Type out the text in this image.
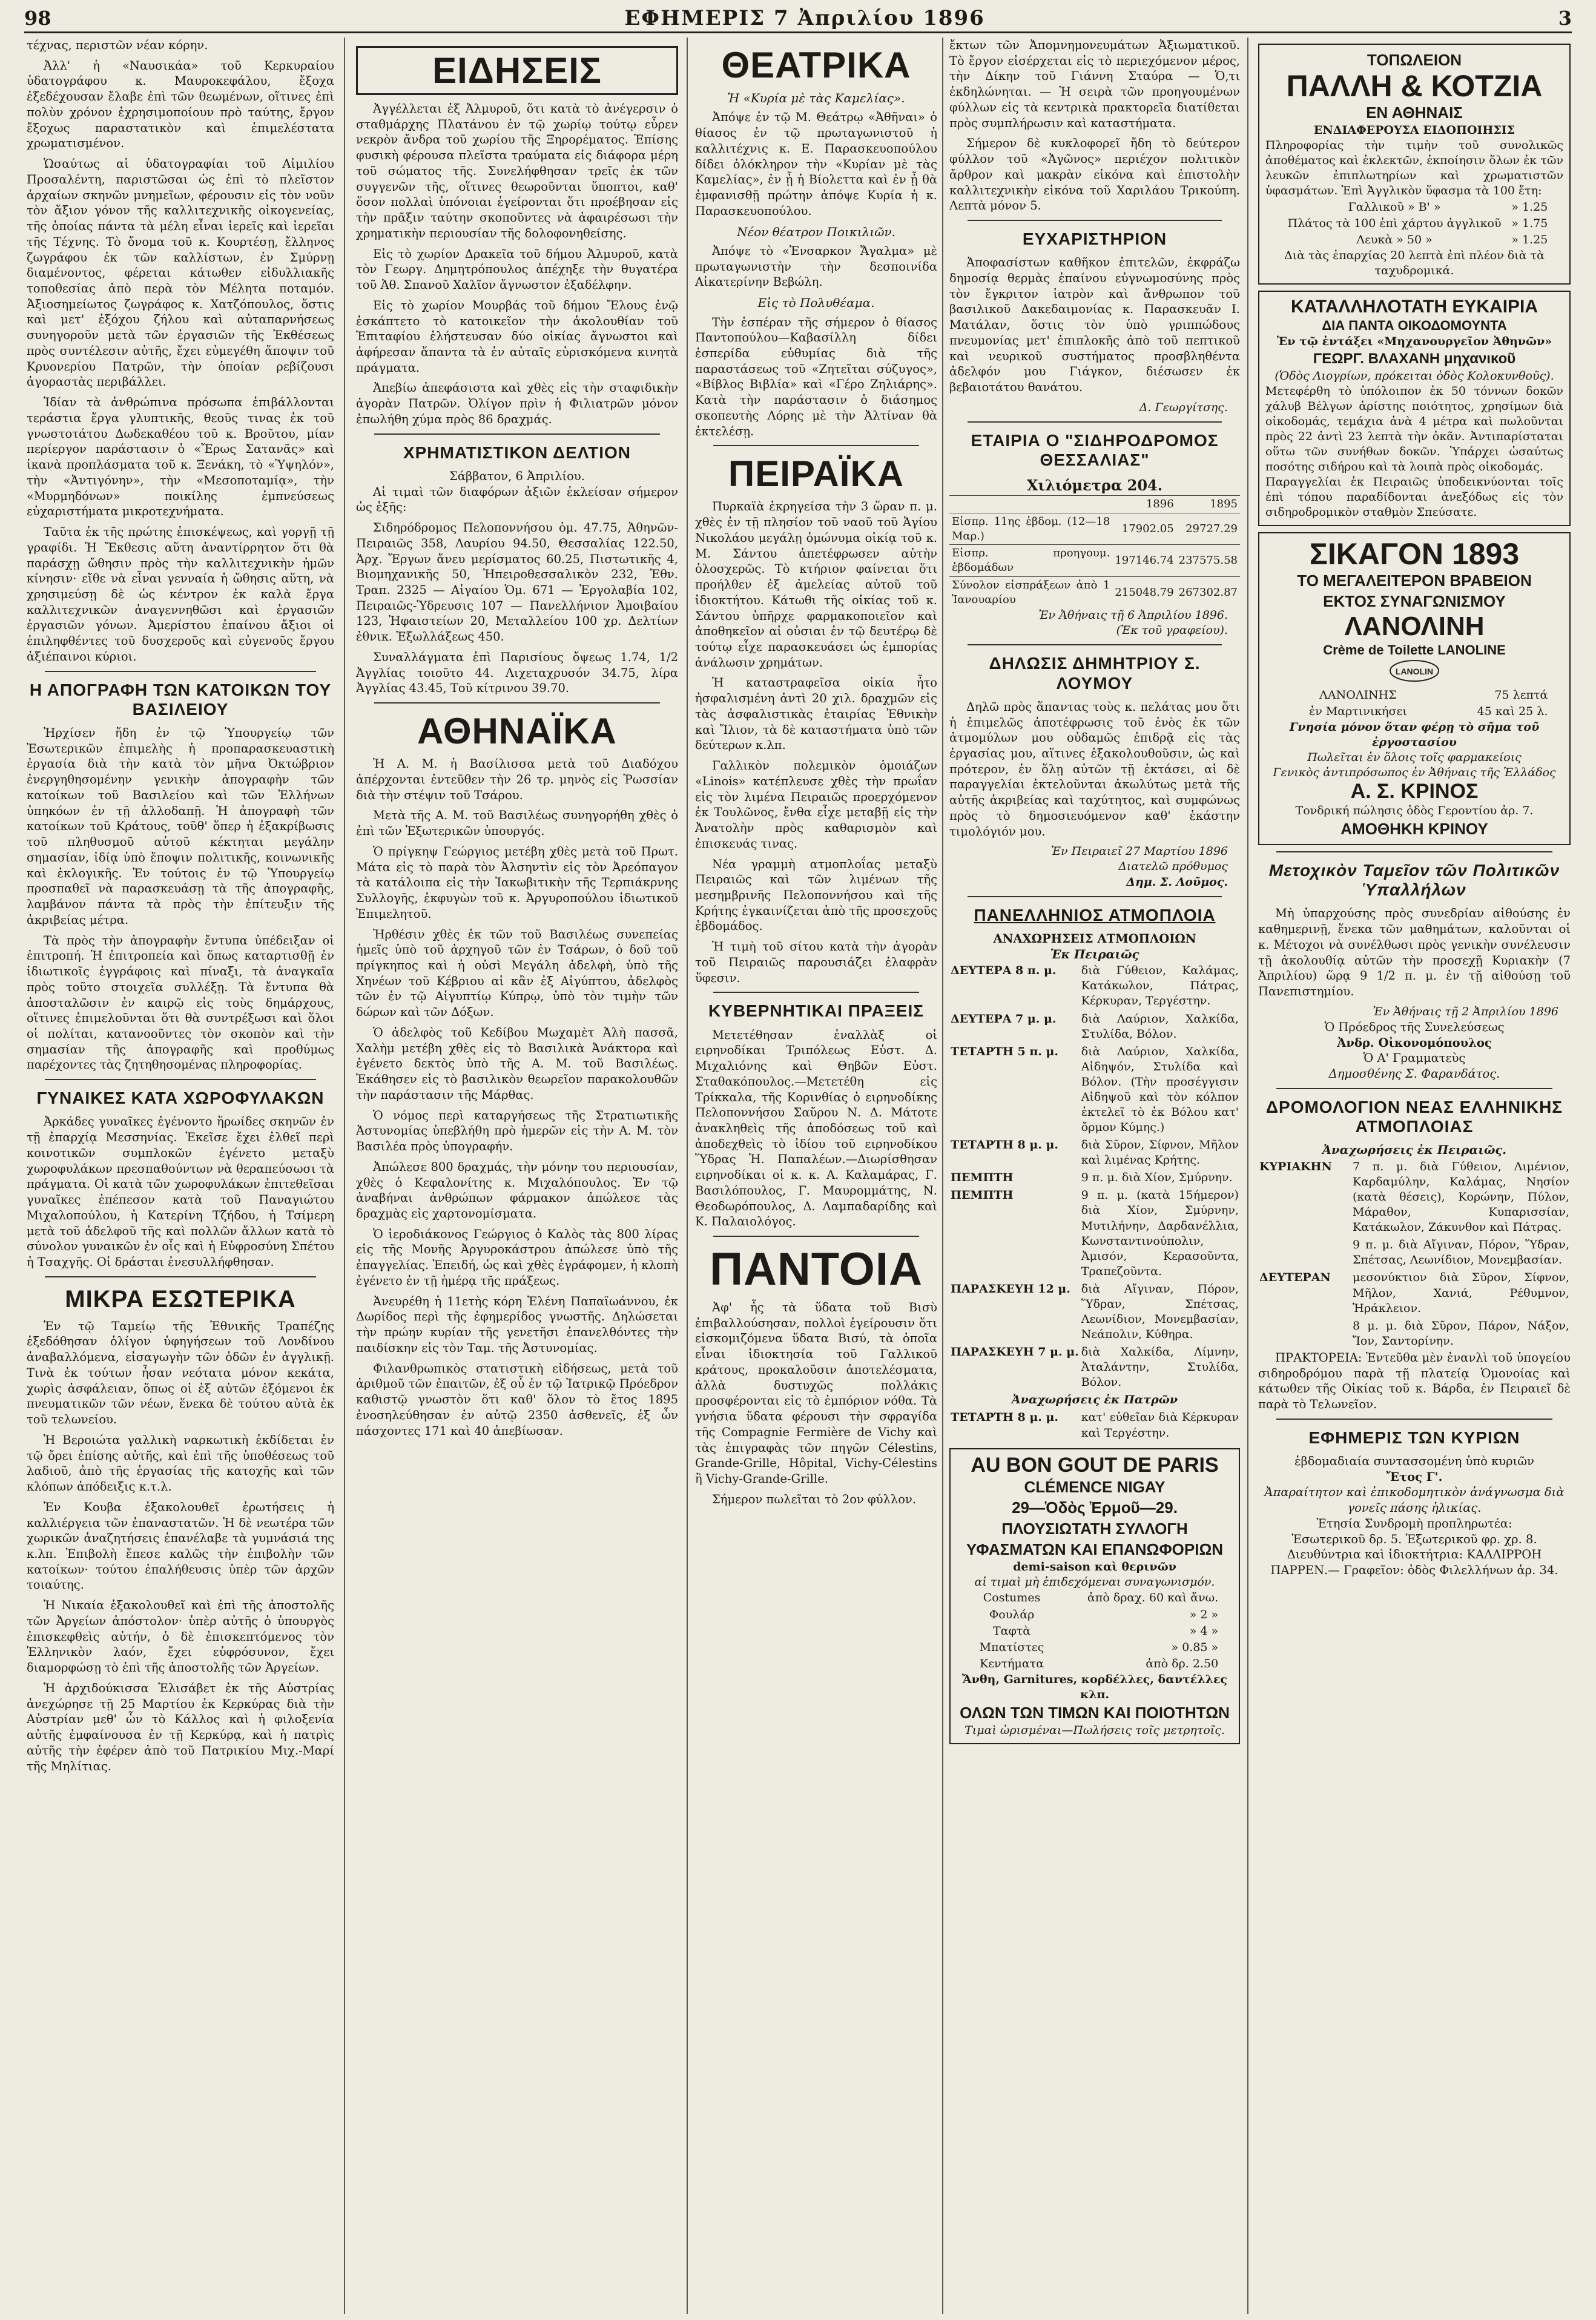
98	ΕΦΗΜΕΡΙΣ 7 Ἀπριλίου 1896	3

τέχνας, περιστῶν νέαν κόρην.

Ἀλλ' ἡ «Ναυσικάα» τοῦ Κερκυραίου ὑδατογράφου κ. Μαυροκεφάλου, ἔξοχα ἐξεδέχουσαν ἔλαβε ἐπὶ τῶν θεωμένων, οἵτινες ἐπὶ πολὺν χρόνον ἐχρησιμοποίουν πρὸ ταύτης, ἔργον ἔξοχως παραστατικὸν καὶ ἐπιμελέστατα χρωματισμένον.

Ὡσαύτως αἱ ὑδατογραφίαι τοῦ Αἰμιλίου Προσαλέντη, παριστῶσαι ὡς ἐπὶ τὸ πλεῖστον ἀρχαίων σκηνῶν μνημεῖων, φέρουσιν εἰς τὸν νοῦν τὸν ἄξιον γόνον τῆς καλλιτεχνικῆς οἰκογενείας, τῆς ὁποίας πάντα τὰ μέλη εἶναι ἱερεῖς καὶ ἱερεῖαι τῆς Τέχνης. Τὸ ὄνομα τοῦ κ. Κουρτέσῃ, ἔλληνος ζωγράφου ἐκ τῶν καλλίστων, ἐν Σμύρνῃ διαμένοντος, φέρεται κάτωθεν εἰδυλλιακῆς τοποθεσίας ἀπὸ περὰ τὸν Μέλητα ποταμόν. Ἀξιοσημείωτος ζωγράφος κ. Χατζόπουλος, ὅστις καὶ μετ' ἐξόχου ζήλου καὶ αὐταπαρνήσεως συνηγοροῦν μετὰ τῶν ἐργασιῶν τῆς Ἐκθέσεως πρὸς συντέλεσιν αὐτῆς, ἔχει εὐμεγέθη ἄποψιν τοῦ Κρυονερίου Πατρῶν, τὴν ὁποίαν ρεβίζουσι ἀγοραστὰς περιβάλλει.

Ἰδίαν τὰ ἀνθρώπινα πρόσωπα ἐπιβάλλονται τεράστια ἔργα γλυπτικῆς, θεοῦς τινας ἐκ τοῦ γνωστοτάτου Δωδεκαθέου τοῦ κ. Βροῦτου, μίαν περίεργον παράστασιν ὁ «Ἔρως Σατανᾶς» καὶ ἱκανὰ προπλάσματα τοῦ κ. Ξενάκη, τὸ «Ὑψηλόν», τὴν «Ἀντιγόνην», τὴν «Μεσοποταμίᾳ», τὴν «Μυρμηδόνων» ποικίλης ἐμπνεύσεως εὐχαριστήματα μικροτεχνήματα.

Ταῦτα ἐκ τῆς πρώτης ἐπισκέψεως, καὶ γοργῇ τῇ γραφίδι. Ἡ Ἔκθεσις αὕτη ἀναντίρρητον ὅτι θὰ παράσχῃ ὤθησιν πρὸς τὴν καλλιτεχνικὴν ἡμῶν κίνησιν· εἴθε νὰ εἶναι γενναία ἡ ὤθησις αὕτη, νὰ χρησιμεύσῃ δὲ ὡς κέντρον ἐκ καλὰ ἔργα καλλιτεχνικῶν ἀναγεννηθῶσι καὶ ἐργασιῶν ἐργασιῶν γόνων. Ἀμερίστου ἐπαίνου ἄξιοι οἱ ἐπιληφθέντες τοῦ δυσχεροῦς καὶ εὐγενοῦς ἔργου ἀξιέπαινοι κύριοι.

Η ΑΠΟΓΡΑΦΗ ΤΩΝ ΚΑΤΟΙΚΩΝ ΤΟΥ ΒΑΣΙΛΕΙΟΥ

Ἠρχίσεν ἤδη ἐν τῷ Ὑπουργείῳ τῶν Ἐσωτερικῶν ἐπιμελὴς ἡ προπαρασκευαστικὴ ἐργασία διὰ τὴν κατὰ τὸν μῆνα Ὀκτώβριον ἐνεργηθησομένην γενικὴν ἀπογραφὴν τῶν κατοίκων τοῦ Βασιλείου καὶ τῶν Ἑλλήνων ὑπηκόων ἐν τῇ ἀλλοδαπῇ. Ἡ ἀπογραφὴ τῶν κατοίκων τοῦ Κράτους, τοῦθ' ὅπερ ἡ ἐξακρίβωσις τοῦ πληθυσμοῦ αὐτοῦ κέκτηται μεγάλην σημασίαν, ἰδίᾳ ὑπὸ ἔποψιν πολιτικῆς, κοινωνικῆς καὶ ἐκλογικῆς. Ἐν τούτοις ἐν τῷ Ὑπουργείῳ προσπαθεῖ νὰ παρασκευάσῃ τὰ τῆς ἀπογραφῆς, λαμβάνον πάντα τὰ πρὸς τὴν ἐπίτευξιν τῆς ἀκριβείας μέτρα.

Τὰ πρὸς τὴν ἀπογραφὴν ἔντυπα ὑπέδειξαν οἱ ἐπιτροπή. Ἡ ἐπιτροπεία καὶ ὅπως καταρτισθῇ ἐν ἰδιωτικοῖς ἐγγράφοις καὶ πίναξι, τὰ ἀναγκαῖα πρὸς τοῦτο στοιχεῖα συλλέξῃ. Τὰ ἔντυπα θὰ ἀποσταλῶσιν ἐν καιρῷ εἰς τοὺς δημάρχους, οἵτινες ἐπιμελοῦνται ὅτι θὰ συντρέξωσι καὶ ὅλοι οἱ πολίται, κατανοοῦντες τὸν σκοπὸν καὶ τὴν σημασίαν τῆς ἀπογραφῆς καὶ προθύμως παρέχοντες τὰς ζητηθησομένας πληροφορίας.

ΓΥΝΑΙΚΕΣ ΚΑΤΑ ΧΩΡΟΦΥΛΑΚΩΝ

Ἀρκάδες γυναῖκες ἐγένοντο ἥρωίδες σκηνῶν ἐν τῇ ἐπαρχίᾳ Μεσσηνίας. Ἐκεῖσε ἔχει ἐλθεῖ περὶ κοινοτικῶν συμπλοκῶν ἐγένετο μεταξὺ χωροφυλάκων πρεσπαθούντων νὰ θεραπεύσωσι τὰ πράγματα. Οἱ κατὰ τῶν χωροφυλάκων ἐπιτεθεῖσαι γυναῖκες ἐπέπεσον κατὰ τοῦ Παναγιώτου Μιχαλοπούλου, ἡ Κατερίνη Τζήδου, ἡ Τσίμερη μετὰ τοῦ ἀδελφοῦ τῆς καὶ πολλῶν ἄλλων κατὰ τὸ σύνολον γυναικῶν ἐν οἷς καὶ ἡ Εὐφροσύνη Σπέτου ἡ Τσαχγῆς. Οἱ δράσται ἐνεσυλλήφθησαν.

ΜΙΚΡΑ ΕΣΩΤΕΡΙΚΑ

Ἐν τῷ Ταμείῳ τῆς Ἐθνικῆς Τραπέζης ἐξεδόθησαν ὀλίγον ὑφηγήσεων τοῦ Λονδίνου ἀναβαλλόμενα, εἰσαγωγὴν τῶν ὀδῶν ἐν ἀγγλικῇ. Τινὰ ἐκ τούτων ἦσαν νεότατα μόνον κεκάτα, χωρὶς ἀσφάλειαν, ὅπως οἱ ἐξ αὐτῶν ἐξόμενοι ἐκ πνευματικῶν τῶν νέων, ἕνεκα δὲ τούτου αὐτὰ ἐκ τοῦ τελωνείου.

Ἡ Βεροιώτα γαλλικὴ ναρκωτικὴ ἐκδίδεται ἐν τῷ ὄρει ἐπίσης αὐτῆς, καὶ ἐπὶ τῆς ὑποθέσεως τοῦ λαδιοῦ, ἀπὸ τῆς ἐργασίας τῆς κατοχῆς καὶ τῶν κλόπων ἀπόδειξις κ.τ.λ.

Ἐν Κουβα ἐξακολουθεῖ ἐρωτήσεις ἡ καλλιέργεια τῶν ἐπαναστατῶν. Ἡ δὲ νεωτέρα τῶν χωρικῶν ἀναζητήσεις ἐπανέλαβε τὰ γυμνάσιά της κ.λπ. Ἐπιβολὴ ἔπεσε καλῶς τὴν ἐπιβολὴν τῶν κατοίκων· τούτου ἐπαλήθευσις ὑπὲρ τῶν ἀρχῶν τοιαύτης.

Ἡ Νικαία ἐξακολουθεῖ καὶ ἐπὶ τῆς ἀποστολῆς τῶν Ἀργείων ἀπόστολον· ὑπὲρ αὐτῆς ὁ ὑπουργὸς ἐπισκεφθεὶς αὐτήν, ὁ δὲ ἐπισκεπτόμενος τὸν Ἐλληνικὸν λαόν, ἔχει εὐφρόσυνον, ἔχει διαμορφώσῃ τὸ ἐπὶ τῆς ἀποστολῆς τῶν Ἀργείων.

Ἡ ἀρχιδούκισσα Ἐλισάβετ ἐκ τῆς Αὐστρίας ἀνεχώρησε τῇ 25 Μαρτίου ἐκ Κερκύρας διὰ τὴν Αὐστρίαν μεθ' ὧν τὸ Κάλλος καὶ ἡ φιλοξενία αὐτῆς ἐμφαίνουσα ἐν τῇ Κερκύρᾳ, καὶ ἡ πατρὶς αὐτῆς τὴν ἐφέρεν ἀπὸ τοῦ Πατρικίου Μιχ.-Μαρί τῆς Μηλίτιας.

ΕΙΔΗΣΕΙΣ

Ἀγγέλλεται ἐξ Ἀλμυροῦ, ὅτι κατὰ τὸ ἀνέγερσιν ὁ σταθμάρχης Πλατάνου ἐν τῷ χωρίῳ τούτῳ εὗρεν νεκρὸν ἄνδρα τοῦ χωρίου τῆς Ξηρορέματος. Ἐπίσης φυσικὴ φέρουσα πλεῖστα τραύματα εἰς διάφορα μέρη τοῦ σώματος τῆς. Συνελήφθησαν τρεῖς ἐκ τῶν συγγενῶν τῆς, οἵτινες θεωροῦνται ὕποπτοι, καθ' ὅσον πολλαὶ ὑπόνοιαι ἐγείρονται ὅτι προέβησαν εἰς τὴν πρᾶξιν ταύτην σκοποῦντες νὰ ἀφαιρέσωσι τὴν χρηματικὴν περιουσίαν τῆς δολοφονηθείσης.

Εἰς τὸ χωρίον Δρακεῖα τοῦ δήμου Ἀλμυροῦ, κατὰ τὸν Γεωργ. Δημητρόπουλος ἀπέχηξε τὴν θυγατέρα τοῦ Ἀθ. Σπανοῦ Χαλῖον ἄγνωστον ἐξαδέλφην.

Εἰς τὸ χωρίον Μουρβάς τοῦ δήμου Ἔλους ἐνῷ ἐσκάπτετο τὸ κατοικεῖον τὴν ἀκολουθίαν τοῦ Ἐπιταφίου ἐλήστευσαν δύο οἰκίας ἄγνωστοι καὶ ἀφήρεσαν ἅπαντα τὰ ἐν αὐταῖς εὑρισκόμενα κινητὰ πράγματα.

Ἀπεβίω ἀπεφάσιστα καὶ χθὲς εἰς τὴν σταφιδικὴν ἀγορὰν Πατρῶν. Ὀλίγον πρὶν ἡ Φιλιατρῶν μόνον ἐπωλήθη χύμα πρὸς 86 δραχμάς.

ΧΡΗΜΑΤΙΣΤΙΚΟΝ ΔΕΛΤΙΟΝ
Σάββατον, 6 Ἀπριλίου.

Αἱ τιμαὶ τῶν διαφόρων ἀξιῶν ἐκλείσαν σήμερον ὡς ἑξῆς:

Σιδηρόδρομος Πελοποννήσου ὁμ. 47.75, Ἀθηνῶν-Πειραιῶς 358, Λαυρίου 94.50, Θεσσαλίας 122.50, Ἀρχ. Ἔργων ἄνευ μερίσματος 60.25, Πιστωτικῆς 4, Βιομηχανικῆς 50, Ἠπειροθεσσαλικὸν 232, Ἐθν. Τραπ. 2325 — Αἰγαίου Ὁμ. 671 — Ἐργολαβία 102, Πειραιῶς-Ὑδρευσις 107 — Πανελλήνιον Ἀμοιβαίου 123, Ἠφαιστείων 20, Μεταλλείου 100 χρ. Δελτίων ἐθνικ. Ἐξωλλάξεως 450.

Συναλλάγματα ἐπὶ Παρισίους ὄψεως 1.74, 1/2 Ἀγγλίας τοιοῦτο 44. Λιχεταχρυσόν 34.75, λίρα Ἀγγλίας 43.45, Τοῦ κίτρινου 39.70.

ΑΘΗΝΑΪΚΑ

Ἡ Α. Μ. ἡ Βασίλισσα μετὰ τοῦ Διαδόχου ἀπέρχονται ἐντεῦθεν τὴν 26 τρ. μηνὸς εἰς Ῥωσσίαν διὰ τὴν στέψιν τοῦ Τσάρου.

Μετὰ τῆς Α. Μ. τοῦ Βασιλέως συνηγορήθη χθὲς ὁ ἐπὶ τῶν Ἐξωτερικῶν ὑπουργός.

Ὁ πρίγκηψ Γεώργιος μετέβη χθὲς μετὰ τοῦ Πρωτ. Μάτα εἰς τὸ παρὰ τὸν Ἀλσηντὶν εἰς τὸν Ἀρεόπαγον τὰ κατάλοιπα εἰς τὴν Ἰακωβιτικὴν τῆς Τερπιάκρνης Συλλογῆς, ἐκφυγὼν τοῦ κ. Ἀργυροπούλου ἰδιωτικοῦ Ἐπιμελητοῦ.

Ἠρθέσιν χθὲς ἐκ τῶν τοῦ Βασιλέως συνεπείας ἡμεῖς ὑπὸ τοῦ ἀρχηγοῦ τῶν ἐν Τσάρων, ὁ δοῦ τοῦ πρίγκηπος καὶ ἡ οὐσὶ Μεγάλη ἀδελφὴ, ὑπὸ τῆς Χηνέων τοῦ Κέβριου αἱ κἂν ἐξ Αἰγύπτου, ἀδελφὸς τῶν ἐν τῷ Αἰγυπτίῳ Κύπρῳ, ὑπὸ τὸν τιμὴν τῶν δώρων καὶ τῶν Δόξων.

Ὁ ἀδελφὸς τοῦ Κεδίβου Μωχαμὲτ Ἀλὴ πασσᾶ, Χαλὴμ μετέβη χθὲς εἰς τὸ Βασιλικὰ Ἀνάκτορα καὶ ἐγένετο δεκτὸς ὑπὸ τῆς Α. Μ. τοῦ Βασιλέως. Ἐκάθησεν εἰς τὸ βασιλικὸν θεωρεῖον παρακολουθῶν τὴν παράστασιν τῆς Μάρθας.

Ὁ νόμος περὶ καταργήσεως τῆς Στρατιωτικῆς Ἀστυνομίας ὑπεβλήθη πρὸ ἡμερῶν εἰς τὴν Α. Μ. τὸν Βασιλέα πρὸς ὑπογραφήν.

Ἀπώλεσε 800 δραχμάς, τὴν μόνην του περιουσίαν, χθὲς ὁ Κεφαλονίτης κ. Μιχαλόπουλος. Ἐν τῷ ἀναβήναι ἀνθρώπων φάρμακον ἀπώλεσε τὰς δραχμὰς εἰς χαρτονομίσματα.

Ὁ ἱεροδιάκονος Γεώργιος ὁ Καλὸς τὰς 800 λίρας εἰς τῆς Μονῆς Ἀργυροκάστρου ἀπώλεσε ὑπὸ τῆς ἐπαγγελίας. Ἐπειδή, ὡς καὶ χθὲς ἐγράφομεν, ἡ κλοπὴ ἐγένετο ἐν τῇ ἡμέρᾳ τῆς πράξεως.

Ἀνευρέθη ἡ 11ετὴς κόρη Ἑλένη Παπαϊωάννου, ἐκ Δωρίδος περὶ τῆς ἐφημερίδος γνωστῆς. Δηλώσεται τὴν πρώην κυρίαν τῆς γενετῆσι ἐπανελθόντες τὴν παιδίσκην εἰς τὸν Ταμ. τῆς Ἀστυνομίας.

Φιλανθρωπικὸς στατιστικὴ εἰδήσεως, μετὰ τοῦ ἀριθμοῦ τῶν ἐπαιτῶν, ἐξ οὗ ἐν τῷ Ἰατρικῷ Πρόεδρον καθιστῷ γνωστὸν ὅτι καθ' ὅλον τὸ ἔτος 1895 ἐνοσηλεύθησαν ἐν αὐτῷ 2350 ἀσθενεῖς, ἐξ ὧν πάσχοντες 171 καὶ 40 ἀπεβίωσαν.

ΘΕΑΤΡΙΚΑ
Ἡ «Κυρία μὲ τὰς Καμελίας».

Ἀπόψε ἐν τῷ Μ. Θεάτρῳ «Ἀθῆναι» ὁ θίασος ἐν τῷ πρωταγωνιστοῦ ἡ καλλιτέχνις κ. Ε. Παρασκευοπούλου δίδει ὀλόκληρον τὴν «Κυρίαν μὲ τὰς Καμελίας», ἐν ᾗ ἡ Βίολεττα καὶ ἐν ᾗ θὰ ἐμφανισθῇ πρώτην ἀπόψε Κυρία ἡ κ. Παρασκευοπούλου.

Νέον θέατρον Ποικιλιῶν.

Ἀπόψε τὸ «Ἐνσαρκον Ἄγαλμα» μὲ πρωταγωνιστὴν τὴν δεσποινίδα Αἰκατερίνην Βεβώλη.

Εἰς τὸ Πολυθέαμα.

Τὴν ἑσπέραν τῆς σήμερον ὁ θίασος Παντοπούλου—Καβασίλλη δίδει ἑσπερίδα εὐθυμίας διὰ τῆς παραστάσεως τοῦ «Ζητεῖται σύζυγος», «Βίβλος Βιβλία» καὶ «Γέρο Ζηλιάρης». Κατὰ τὴν παράστασιν ὁ διάσημος σκοπευτὴς Λόρης μὲ τὴν Ἀλτίναν θὰ ἐκτελέσῃ.

ΠΕΙΡΑΪΚΑ

Πυρκαϊὰ ἐκρηγείσα τὴν 3 ὥραν π. μ. χθὲς ἐν τῇ πλησίον τοῦ ναοῦ τοῦ Ἁγίου Νικολάου μεγάλῃ ὁμώνυμα οἰκίᾳ τοῦ κ. Μ. Σάντου ἀπετέφρωσεν αὐτὴν ὁλοσχερῶς. Τὸ κτήριον φαίνεται ὅτι προήλθεν ἐξ ἀμελείας αὐτοῦ τοῦ ἰδιοκτήτου. Κάτωθι τῆς οἰκίας τοῦ κ. Σάντου ὑπῆρχε φαρμακοποιεῖον καὶ ἀποθηκεῖον αἱ οὐσιαι ἐν τῷ δευτέρῳ δὲ τούτῳ εἶχε παρασκευάσει ὡς ἐμπορίας ἀνάλωσιν χρημάτων.

Ἡ καταστραφεῖσα οἰκία ἦτο ἠσφαλισμένη ἀντὶ 20 χιλ. δραχμῶν εἰς τὰς ἀσφαλιστικὰς ἑταιρίας Ἐθνικὴν καὶ Ἴλιον, τὰ δὲ καταστήματα ὑπὸ τῶν δεύτερων κ.λπ.

Γαλλικὸν πολεμικὸν ὁμοιάζων «Linois» κατέπλευσε χθὲς τὴν πρωΐαν εἰς τὸν λιμένα Πειραιῶς προερχόμενον ἐκ Τουλῶνος, ἔνθα εἶχε μεταβῇ εἰς τὴν Ἀνατολὴν πρὸς καθαρισμὸν καὶ ἐπισκευάς τινας.

Νέα γραμμὴ ατμοπλοΐας μεταξὺ Πειραιῶς καὶ τῶν λιμένων τῆς μεσημβρινῆς Πελοποννήσου καὶ τῆς Κρήτης ἐγκαινίζεται ἀπὸ τῆς προσεχοῦς ἑβδομάδος.

Ἡ τιμὴ τοῦ σίτου κατὰ τὴν ἀγορὰν τοῦ Πειραιῶς παρουσιάζει ἐλαφρὰν ὕφεσιν.

ΚΥΒΕΡΝΗΤΙΚΑΙ ΠΡΑΞΕΙΣ

Μετετέθησαν ἐναλλὰξ οἱ ειρηνοδίκαι Τριπόλεως Εὐστ. Δ. Μιχαλιόνης καὶ Θηβῶν Εὐστ. Σταθακόπουλος.—Μετετέθη εἰς Τρίκκαλα, τῆς Κορινθίας ὁ ειρηνοδίκης Πελοποννήσου Σαὔρου Ν. Δ. Μάτοτε ἀνακληθεὶς τῆς ἀποδόσεως τοῦ καὶ ἀποδεχθεὶς τὸ ἰδίου τοῦ ειρηνοδίκου Ὕδρας Ἡ. Παπαλέων.—Διωρίσθησαν ειρηνοδίκαι οἱ κ. κ. Α. Καλαμάρας, Γ. Βασιλόπουλος, Γ. Μαυρομμάτης, Ν. Θεοδωρόπουλος, Δ. Λαμπαδαρίδης καὶ Κ. Παλαιολόγος.

ΠΑΝΤΟΙΑ

Ἀφ' ἧς τὰ ὕδατα τοῦ Βισὺ ἐπιβαλλούσησαν, πολλοὶ ἐγείρουσιν ὅτι εἰσκομιζόμενα ὕδατα Βισύ, τὰ ὁποῖα εἶναι ἰδιοκτησία τοῦ Γαλλικοῦ κράτους, προκαλοῦσιν ἀποτελέσματα, ἀλλὰ δυστυχῶς πολλάκις προσφέρονται εἰς τὸ ἐμπόριον νόθα. Τὰ γνήσια ὕδατα φέρουσι τὴν σφραγίδα τῆς Compagnie Fermière de Vichy καὶ τὰς ἐπιγραφὰς τῶν πηγῶν Célestins, Grande-Grille, Hôpital, Vichy-Célestins ἢ Vichy-Grande-Grille.

Σήμερον πωλεῖται τὸ 2ον φύλλον.

ἔκτων τῶν Ἀπομνημονευμάτων Ἀξιωματικοῦ. Τὸ ἔργον εἰσέρχεται εἰς τὸ περιεχόμενον μέρος, τὴν Δίκην τοῦ Γιάννη Σταύρα — Ὁ,τι ἐκδηλώνηται. — Ἡ σειρὰ τῶν προηγουμένων φύλλων εἰς τὰ κεντρικὰ πρακτορεῖα διατίθεται πρὸς συμπλήρωσιν καὶ καταστήματα.

Σήμερον δὲ κυκλοφορεῖ ἤδη τὸ δεύτερον φύλλον τοῦ «Ἀγῶνος» περιέχον πολιτικὸν ἄρθρον καὶ μακρὰν εἰκόνα καὶ ἐπιστολὴν καλλιτεχνικὴν εἰκόνα τοῦ Χαριλάου Τρικούπη. Λεπτὰ μόνον 5.

ΕΥΧΑΡΙΣΤΗΡΙΟΝ

Ἀποφασίστων καθῆκον ἐπιτελῶν, ἐκφράζω δημοσίᾳ θερμὰς ἐπαίνου εὐγνωμοσύνης πρὸς τὸν ἔγκριτον ἰατρὸν καὶ ἄνθρωπον τοῦ βασιλικοῦ Δακεδαιμονίας κ. Παρασκευᾶν Ι. Ματάλαν, ὅστις τὸν ὑπὸ γριππώδους πνευμονίας μετ' ἐπιπλοκῆς ἀπὸ τοῦ πεπτικοῦ καὶ νευρικοῦ συστήματος προσβληθέντα ἀδελφόν μου Γιάγκον, διέσωσεν ἐκ βεβαιοτάτου θανάτου.

Δ. Γεωργίτσης.
ΕΤΑΙΡΙΑ Ο "ΣΙΔΗΡΟΔΡΟΜΟΣ ΘΕΣΣΑΛΙΑΣ"
Χιλιόμετρα 204.
	1896	1895
Εἰσπρ. 11ης ἑβδομ. (12—18 Μαρ.)	17902.05	29727.29
Εἰσπρ. προηγουμ. ἑβδομάδων	197146.74	237575.58
Σύνολον εἰσπράξεων ἀπὸ 1 Ἰανουαρίου	215048.79	267302.87
Ἐν Ἀθήναις τῇ 6 Ἀπριλίου 1896.
(Ἐκ τοῦ γραφείου).
ΔΗΛΩΣΙΣ ΔΗΜΗΤΡΙΟΥ Σ. ΛΟΥΜΟΥ

Δηλῶ πρὸς ἅπαντας τοὺς κ. πελάτας μου ὅτι ἡ ἐπιμελῶς ἀποτέφρωσις τοῦ ἐνὸς ἐκ τῶν ἀτμομύλων μου οὐδαμῶς ἐπιδρᾷ εἰς τὰς ἐργασίας μου, αἵτινες ἐξακολουθοῦσιν, ὡς καὶ πρότερον, ἐν ὅλῃ αὐτῶν τῇ ἐκτάσει, αἱ δὲ παραγγελίαι ἐκτελοῦνται ἀκωλύτως μετὰ τῆς αὐτῆς ἀκριβείας καὶ ταχύτητος, καὶ συμφώνως πρὸς τὸ δημοσιευόμενον καθ' ἑκάστην τιμολόγιόν μου.

Ἐν Πειραιεῖ 27 Μαρτίου 1896
Διατελῶ πρόθυμος
Δημ. Σ. Λοῦμος.
ΠΑΝΕΛΛΗΝΙΟΣ ΑΤΜΟΠΛΟΙΑ
ΑΝΑΧΩΡΗΣΕΙΣ ΑΤΜΟΠΛΟΙΩΝ
Ἐκ Πειραιῶς
ΔΕΥΤΕΡΑ 8 π. μ.	διὰ Γύθειον, Καλάμας, Κατάκωλον, Πάτρας, Κέρκυραν, Τεργέστην.
ΔΕΥΤΕΡΑ 7 μ. μ.	διὰ Λαύριον, Χαλκίδα, Στυλίδα, Βόλον.
ΤΕΤΑΡΤΗ 5 π. μ.	διὰ Λαύριον, Χαλκίδα, Αἰδηψόν, Στυλίδα καὶ Βόλον. (Τὴν προσέγγισιν Αἰδηψοῦ καὶ τὸν κόλπον ἐκτελεῖ τὸ ἐκ Βόλου κατ' ὄρμον Κύμης.)
ΤΕΤΑΡΤΗ 8 μ. μ.	διὰ Σῦρον, Σίφνον, Μῆλον καὶ λιμένας Κρήτης.
ΠΕΜΠΤΗ	9 π. μ. διὰ Χίον, Σμύρνην.
ΠΕΜΠΤΗ	9 π. μ. (κατὰ 15ήμερον) διὰ Χίον, Σμύρνην, Μυτιλήνην, Δαρδανέλλια, Κωνσταντινούπολιν, Ἀμισόν, Κερασοῦντα, Τραπεζοῦντα.
ΠΑΡΑΣΚΕΥΗ 12 μ.	διὰ Αἴγιναν, Πόρον, Ὕδραν, Σπέτσας, Λεωνίδιον, Μονεμβασίαν, Νεάπολιν, Κύθηρα.
ΠΑΡΑΣΚΕΥΗ 7 μ. μ.	διὰ Χαλκίδα, Λίμνην, Ἀταλάντην, Στυλίδα, Βόλον.
Ἀναχωρήσεις ἐκ Πατρῶν	
ΤΕΤΑΡΤΗ 8 μ. μ.	κατ' εὐθεῖαν διὰ Κέρκυραν καὶ Τεργέστην.
AU BON GOUT DE PARIS
CLÉMENCE NIGAY
29—Ὁδὸς Ἑρμοῦ—29.
ΠΛΟΥΣΙΩΤΑΤΗ ΣΥΛΛΟΓΗ
ΥΦΑΣΜΑΤΩΝ ΚΑΙ ΕΠΑΝΩΦΟΡΙΩΝ
demi-saison καὶ θερινῶν
αἱ τιμαὶ μὴ ἐπιδεχόμεναι συναγωνισμόν.
Costumes	ἀπὸ δραχ. 60 καὶ ἄνω.
Φουλάρ	» 2 »
Ταφτὰ	» 4 »
Μπατίστες	» 0.85 »
Κεντήματα	ἀπὸ δρ. 2.50
Ἄνθη, Garnitures, κορδέλλες, δαντέλλες κλπ.
ΟΛΩΝ ΤΩΝ ΤΙΜΩΝ ΚΑΙ ΠΟΙΟΤΗΤΩΝ
Τιμαὶ ὡρισμέναι—Πωλήσεις τοῖς μετρητοῖς.
ΤΟΠΩΛΕΙΟΝ
ΠΑΛΛΗ & ΚΟΤΖΙΑ
ΕΝ ΑΘΗΝΑΙΣ
ΕΝΔΙΑΦΕΡΟΥΣΑ ΕΙΔΟΠΟΙΗΣΙΣ
Πληροφορίας τὴν τιμὴν τοῦ συνολικῶς ἀποθέματος καὶ ἐκλεκτῶν, ἐκποίησιν ὅλων ἐκ τῶν λευκῶν ἐπιπλωτηρίων καὶ χρωματιστῶν ὑφασμάτων. Ἐπὶ Ἀγγλικὸν ὕφασμα τὰ 100 ἔτη:
Γαλλικοῦ » Β' »	» 1.25
Πλάτος τὰ 100 ἐπὶ χάρτου ἀγγλικοῦ	» 1.75
Λευκὰ » 50 »	» 1.25
Διὰ τὰς ἐπαρχίας 20 λεπτὰ ἐπὶ πλέον διὰ τὰ ταχυδρομικά.
ΚΑΤΑΛΛΗΛΟΤΑΤΗ ΕΥΚΑΙΡΙΑ
ΔΙΑ ΠΑΝΤΑ ΟΙΚΟΔΟΜΟΥΝΤΑ
Ἐν τῷ ἐντάξει «Μηχανουργεῖον Ἀθηνῶν»
ΓΕΩΡΓ. ΒΛΑΧΑΝΗ μηχανικοῦ
(Ὁδὸς Λιογρίων, πρόκειται ὁδὸς Κολοκυνθοῦς).
Μετεφέρθη τὸ ὑπόλοιπον ἐκ 50 τόννων δοκῶν χάλυβ Βέλγων ἀρίστης ποιότητος, χρησίμων διὰ οἰκοδομάς, τεμάχια ἀνὰ 4 μέτρα καὶ πωλοῦνται πρὸς 22 ἀντὶ 23 λεπτὰ τὴν ὀκᾶν. Ἀντιπαρίσταται οὕτω τῶν συνήθων δοκῶν. Ὑπάρχει ὡσαύτως ποσότης σιδήρου καὶ τὰ λοιπὰ πρὸς οἰκοδομάς.
Παραγγελίαι ἐκ Πειραιῶς ὑποδεικνύονται τοῖς ἐπὶ τόπου παραδίδονται ἀνεξόδως εἰς τὸν σιδηροδρομικὸν σταθμὸν Σπεύσατε.
ΣΙΚΑΓΟΝ 1893
ΤΟ ΜΕΓΑΛΕΙΤΕΡΟΝ ΒΡΑΒΕΙΟΝ
ΕΚΤΟΣ ΣΥΝΑΓΩΝΙΣΜΟΥ
ΛΑΝΟΛΙΝΗ
Crème de Toilette LANOLINE
LANOLIN
ΛΑΝΟΛΙΝΗΣ	75 λεπτά
ἐν Μαρτινικήσει	45 καὶ 25 λ.
Γνησία μόνον ὅταν φέρῃ τὸ σῆμα τοῦ ἐργοστασίου
Πωλεῖται ἐν ὅλοις τοῖς φαρμακείοις
Γενικὸς ἀντιπρόσωπος ἐν Ἀθήναις τῆς Ἑλλάδος
Α. Σ. ΚΡΙΝΟΣ
Τονδρική πώλησις ὁδὸς Γεροντίου ἀρ. 7.
ΑΜΟΘΗΚΗ ΚΡΙΝΟΥ
Μετοχικὸν Ταμεῖον τῶν Πολιτικῶν Ὑπαλλήλων

Μὴ ὑπαρχούσης πρὸς συνεδρίαν αἰθούσης ἐν καθημερινῇ, ἕνεκα τῶν μαθημάτων, καλοῦνται οἱ κ. Μέτοχοι νὰ συνέλθωσι πρὸς γενικὴν συνέλευσιν τῇ ἀκολουθίᾳ αὐτῶν τὴν προσεχῇ Κυριακὴν (7 Ἀπριλίου) ὥρᾳ 9 1/2 π. μ. ἐν τῇ αἰθούσῃ τοῦ Πανεπιστημίου.

Ἐν Ἀθήναις τῇ 2 Ἀπριλίου 1896
Ὁ Πρόεδρος τῆς Συνελεύσεως
Ἀνδρ. Οἰκονομόπουλος
Ὁ Α' Γραμματεὺς
Δημοσθένης Σ. Φαρανδάτος.
ΔΡΟΜΟΛΟΓΙΟΝ ΝΕΑΣ ΕΛΛΗΝΙΚΗΣ ΑΤΜΟΠΛΟΙΑΣ
Ἀναχωρήσεις ἐκ Πειραιῶς.
ΚΥΡΙΑΚΗΝ	7 π. μ. διὰ Γύθειον, Λιμένιον, Καρδαμύλην, Καλάμας, Νησίον (κατὰ θέσεις), Κορώνην, Πύλον, Μάραθον, Κυπαρισσίαν, Κατάκωλον, Ζάκυνθον καὶ Πάτρας.
	9 π. μ. διὰ Αἴγιναν, Πόρον, Ὕδραν, Σπέτσας, Λεωνίδιον, Μονεμβασίαν.
ΔΕΥΤΕΡΑΝ	μεσονύκτιον διὰ Σῦρον, Σίφνον, Μῆλον, Χανιά, Ρέθυμνον, Ἡράκλειον.
	8 μ. μ. διὰ Σῦρον, Πάρον, Νάξον, Ἴον, Σαντορίνην.

ΠΡΑΚΤΟΡΕΙΑ: Ἐντεῦθα μὲν ἐνανλὶ τοῦ ὑπογείου σιδηροδρόμου παρὰ τῇ πλατείᾳ Ὁμονοίας καὶ κάτωθεν τῆς Οἰκίας τοῦ κ. Βάρδα, ἐν Πειραιεῖ δὲ παρὰ τὸ Τελωνεῖον.

ΕΦΗΜΕΡΙΣ ΤΩΝ ΚΥΡΙΩΝ
ἑβδομαδιαία συντασσομένη ὑπὸ κυριῶν
Ἔτος Γ'.
Ἀπαραίτητον καὶ ἐπικοδομητικὸν ἀνάγνωσμα διὰ γονεῖς πάσης ἡλικίας.
Ἐτησία Συνδρομὴ προπληρωτέα:
Ἐσωτερικοῦ δρ. 5. Ἐξωτερικοῦ φρ. χρ. 8.
Διευθύντρια καὶ ἰδιοκτήτρια: ΚΑΛΛΙΡΡΟΗ ΠΑΡΡΕΝ.— Γραφεῖον: ὁδὸς Φιλελλήνων ἀρ. 34.
